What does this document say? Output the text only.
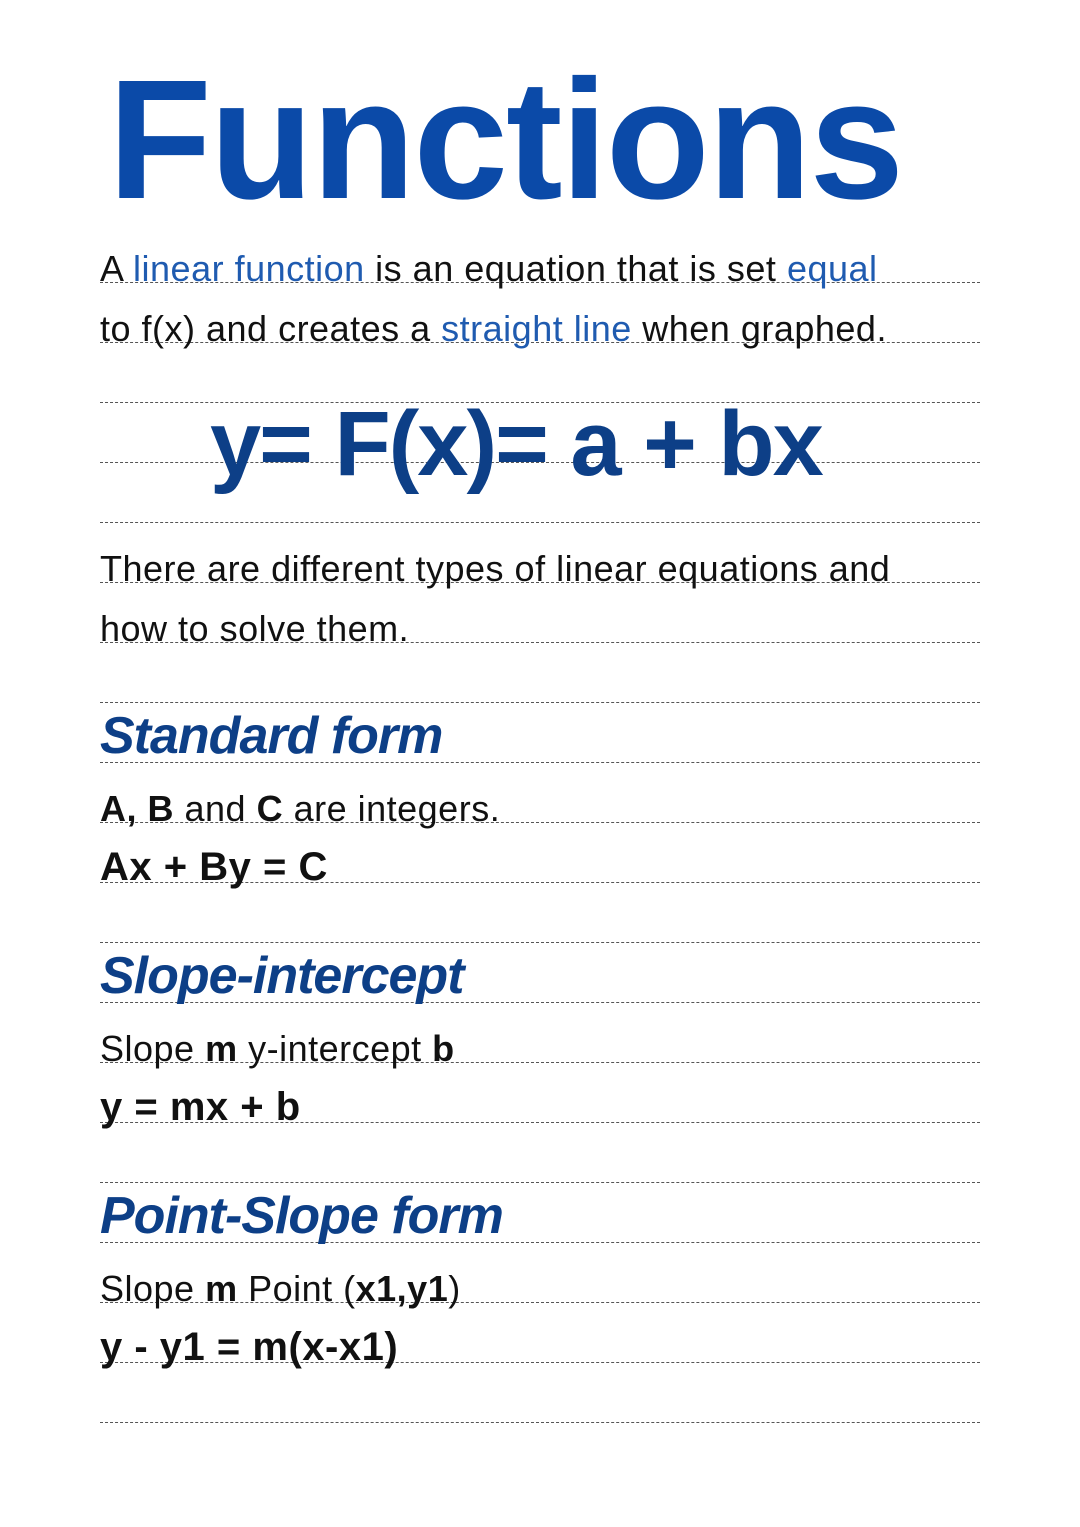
Functions
A linear function is an equation that is set equal
to f(x) and creates a straight line when graphed.
There are different types of linear equations and
how to solve them.
Standard form
A, B and C are integers.
Ax + By = C
Slope-intercept
Slope m y-intercept b
y = mx + b
Point-Slope form
Slope m Point (x1,y1)
y - y1 = m(x-x1)
y= F(x)= a + bx
